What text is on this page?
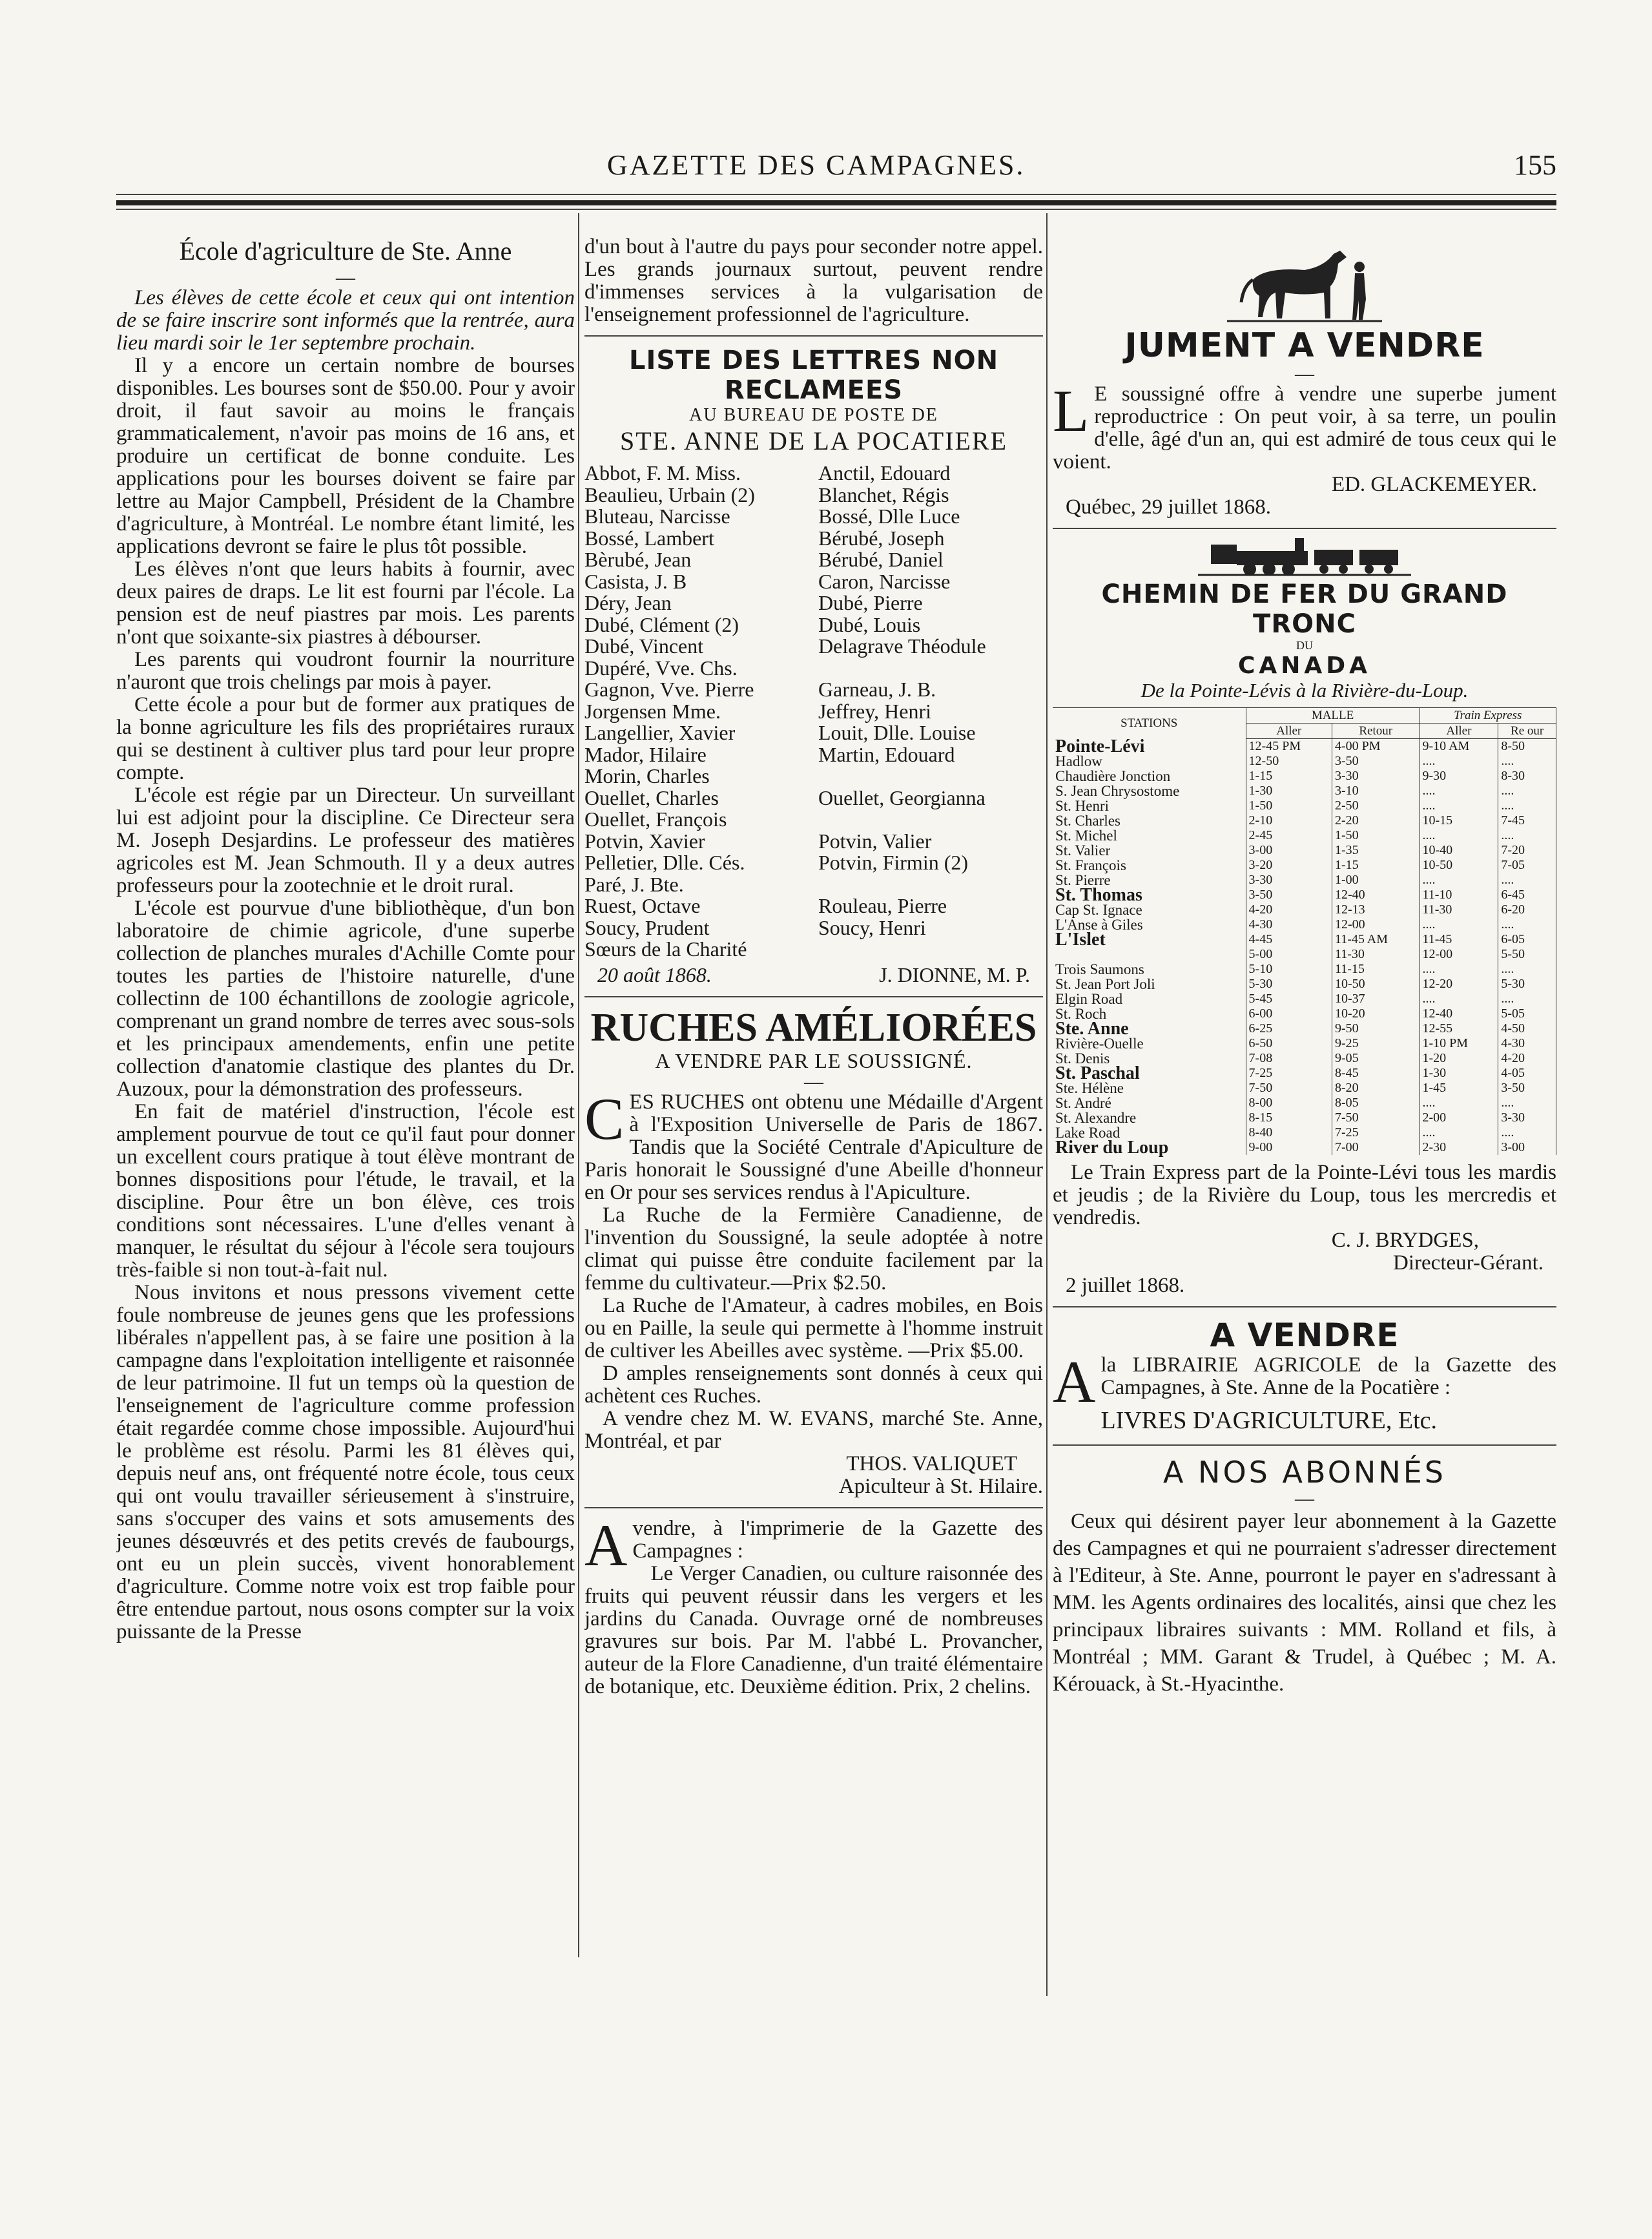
GAZETTE DES CAMPAGNES.	155
École d'agriculture de Ste. Anne
—

Les élèves de cette école et ceux qui ont intention de se faire inscrire sont informés que la rentrée, aura lieu mardi soir le 1er septembre prochain.

Il y a encore un certain nombre de bourses disponibles. Les bourses sont de $50.00. Pour y avoir droit, il faut savoir au moins le français grammaticalement, n'avoir pas moins de 16 ans, et produire un certificat de bonne conduite. Les applications pour les bourses doivent se faire par lettre au Major Campbell, Président de la Chambre d'agriculture, à Montréal. Le nombre étant limité, les applications devront se faire le plus tôt possible.

Les élèves n'ont que leurs habits à fournir, avec deux paires de draps. Le lit est fourni par l'école. La pension est de neuf piastres par mois. Les parents n'ont que soixante-six piastres à débourser.

Les parents qui voudront fournir la nourriture n'auront que trois chelings par mois à payer.

Cette école a pour but de former aux pratiques de la bonne agriculture les fils des propriétaires ruraux qui se destinent à cultiver plus tard pour leur propre compte.

L'école est régie par un Directeur. Un surveillant lui est adjoint pour la discipline. Ce Directeur sera M. Joseph Desjardins. Le professeur des matières agricoles est M. Jean Schmouth. Il y a deux autres professeurs pour la zootechnie et le droit rural.

L'école est pourvue d'une bibliothèque, d'un bon laboratoire de chimie agricole, d'une superbe collection de planches murales d'Achille Comte pour toutes les parties de l'histoire naturelle, d'une collectinn de 100 échantillons de zoologie agricole, comprenant un grand nombre de terres avec sous-sols et les principaux amendements, enfin une petite collection d'anatomie clastique des plantes du Dr. Auzoux, pour la démonstration des professeurs.

En fait de matériel d'instruction, l'école est amplement pourvue de tout ce qu'il faut pour donner un excellent cours pratique à tout élève montrant de bonnes dispositions pour l'étude, le travail, et la discipline. Pour être un bon élève, ces trois conditions sont nécessaires. L'une d'elles venant à manquer, le résultat du séjour à l'école sera toujours très-faible si non tout-à-fait nul.

Nous invitons et nous pressons vivement cette foule nombreuse de jeunes gens que les professions libérales n'appellent pas, à se faire une position à la campagne dans l'exploitation intelligente et raisonnée de leur patrimoine. Il fut un temps où la question de l'enseignement de l'agriculture comme profession était regardée comme chose impossible. Aujourd'hui le problème est résolu. Parmi les 81 élèves qui, depuis neuf ans, ont fréquenté notre école, tous ceux qui ont voulu travailler sérieusement à s'instruire, sans s'occuper des vains et sots amusements des jeunes désœuvrés et des petits crevés de faubourgs, ont eu un plein succès, vivent honorablement d'agriculture. Comme notre voix est trop faible pour être entendue partout, nous osons compter sur la voix puissante de la Presse

d'un bout à l'autre du pays pour seconder notre appel. Les grands journaux surtout, peuvent rendre d'immenses services à la vulgarisation de l'enseignement professionnel de l'agriculture.

LISTE DES LETTRES NON RECLAMEES
AU BUREAU DE POSTE DE
STE. ANNE DE LA POCATIERE
Abbot, F. M. Miss.	Anctil, Edouard
Beaulieu, Urbain (2)	Blanchet, Régis
Bluteau, Narcisse	Bossé, Dlle Luce
Bossé, Lambert	Bérubé, Joseph
Bèrubé, Jean	Bérubé, Daniel
Casista, J. B	Caron, Narcisse
Déry, Jean	Dubé, Pierre
Dubé, Clément (2)	Dubé, Louis
Dubé, Vincent	Delagrave Théodule
Dupéré, Vve. Chs.
Gagnon, Vve. Pierre	Garneau, J. B.
Jorgensen Mme.	Jeffrey, Henri
Langellier, Xavier	Louit, Dlle. Louise
Mador, Hilaire	Martin, Edouard
Morin, Charles
Ouellet, Charles	Ouellet, Georgianna
Ouellet, François
Potvin, Xavier	Potvin, Valier
Pelletier, Dlle. Cés.	Potvin, Firmin (2)
Paré, J. Bte.
Ruest, Octave	Rouleau, Pierre
Soucy, Prudent	Soucy, Henri
Sœurs de la Charité
20 août 1868.	J. DIONNE, M. P.
RUCHES AMÉLIORÉES
A VENDRE PAR LE SOUSSIGNÉ.
—

CES RUCHES ont obtenu une Médaille d'Argent à l'Exposition Universelle de Paris de 1867. Tandis que la Société Centrale d'Apiculture de Paris honorait le Soussigné d'une Abeille d'honneur en Or pour ses services rendus à l'Apiculture.

La Ruche de la Fermière Canadienne, de l'invention du Soussigné, la seule adoptée à notre climat qui puisse être conduite facilement par la femme du cultivateur.—Prix $2.50.

La Ruche de l'Amateur, à cadres mobiles, en Bois ou en Paille, la seule qui permette à l'homme instruit de cultiver les Abeilles avec système. —Prix $5.00.

D amples renseignements sont donnés à ceux qui achètent ces Ruches.

A vendre chez M. W. EVANS, marché Ste. Anne, Montréal, et par

THOS. VALIQUET

Apiculteur à St. Hilaire.

Avendre, à l'imprimerie de la Gazette des Campagnes :

Le Verger Canadien, ou culture raisonnée des fruits qui peuvent réussir dans les vergers et les jardins du Canada. Ouvrage orné de nombreuses gravures sur bois. Par M. l'abbé L. Provancher, auteur de la Flore Canadienne, d'un traité élémentaire de botanique, etc. Deuxième édition. Prix, 2 chelins.

JUMENT A VENDRE
—

L E soussigné offre à vendre une superbe jument reproductrice : On peut voir, à sa terre, un poulin d'elle, âgé d'un an, qui est admiré de tous ceux qui le voient.

ED. GLACKEMEYER.

Québec, 29 juillet 1868.

CHEMIN DE FER DU GRAND TRONC
DU
CANADA
De la Pointe-Lévis à la Rivière-du-Loup.
STATIONS	MALLE		Train Express	
	Aller	Retour	Aller	Re our
Pointe-Lévi	12-45 PM	4-00 PM	9-10 AM	8-50
Hadlow	12-50	3-50	....	....
Chaudière Jonction	1-15	3-30	9-30	8-30
S. Jean Chrysostome	1-30	3-10	....	....
St. Henri	1-50	2-50	....	....
St. Charles	2-10	2-20	10-15	7-45
St. Michel	2-45	1-50	....	....
St. Valier	3-00	1-35	10-40	7-20
St. François	3-20	1-15	10-50	7-05
St. Pierre	3-30	1-00	....	....
St. Thomas	3-50	12-40	11-10	6-45
Cap St. Ignace	4-20	12-13	11-30	6-20
L'Anse à Giles	4-30	12-00	....	....
L'Islet	4-45	11-45 AM	11-45	6-05
	5-00	11-30	12-00	5-50
Trois Saumons	5-10	11-15	....	....
St. Jean Port Joli	5-30	10-50	12-20	5-30
Elgin Road	5-45	10-37	....	....
St. Roch	6-00	10-20	12-40	5-05
Ste. Anne	6-25	9-50	12-55	4-50
Rivière-Ouelle	6-50	9-25	1-10 PM	4-30
St. Denis	7-08	9-05	1-20	4-20
St. Paschal	7-25	8-45	1-30	4-05
Ste. Hélène	7-50	8-20	1-45	3-50
St. André	8-00	8-05	....	....
St. Alexandre	8-15	7-50	2-00	3-30
Lake Road	8-40	7-25	....	....
River du Loup	9-00	7-00	2-30	3-00

Le Train Express part de la Pointe-Lévi tous les mardis et jeudis ; de la Rivière du Loup, tous les mercredis et vendredis.

C. J. BRYDGES,

Directeur-Gérant.

2 juillet 1868.

A VENDRE

Ala LIBRAIRIE AGRICOLE de la Gazette des Campagnes, à Ste. Anne de la Pocatière :

LIVRES D'AGRICULTURE, Etc.

A NOS ABONNÉS
—

Ceux qui désirent payer leur abonnement à la Gazette des Campagnes et qui ne pourraient s'adresser directement à l'Editeur, à Ste. Anne, pourront le payer en s'adressant à MM. les Agents ordinaires des localités, ainsi que chez les principaux libraires suivants : MM. Rolland et fils, à Montréal ; MM. Garant & Trudel, à Québec ; M. A. Kérouack, à St.-Hyacinthe.
